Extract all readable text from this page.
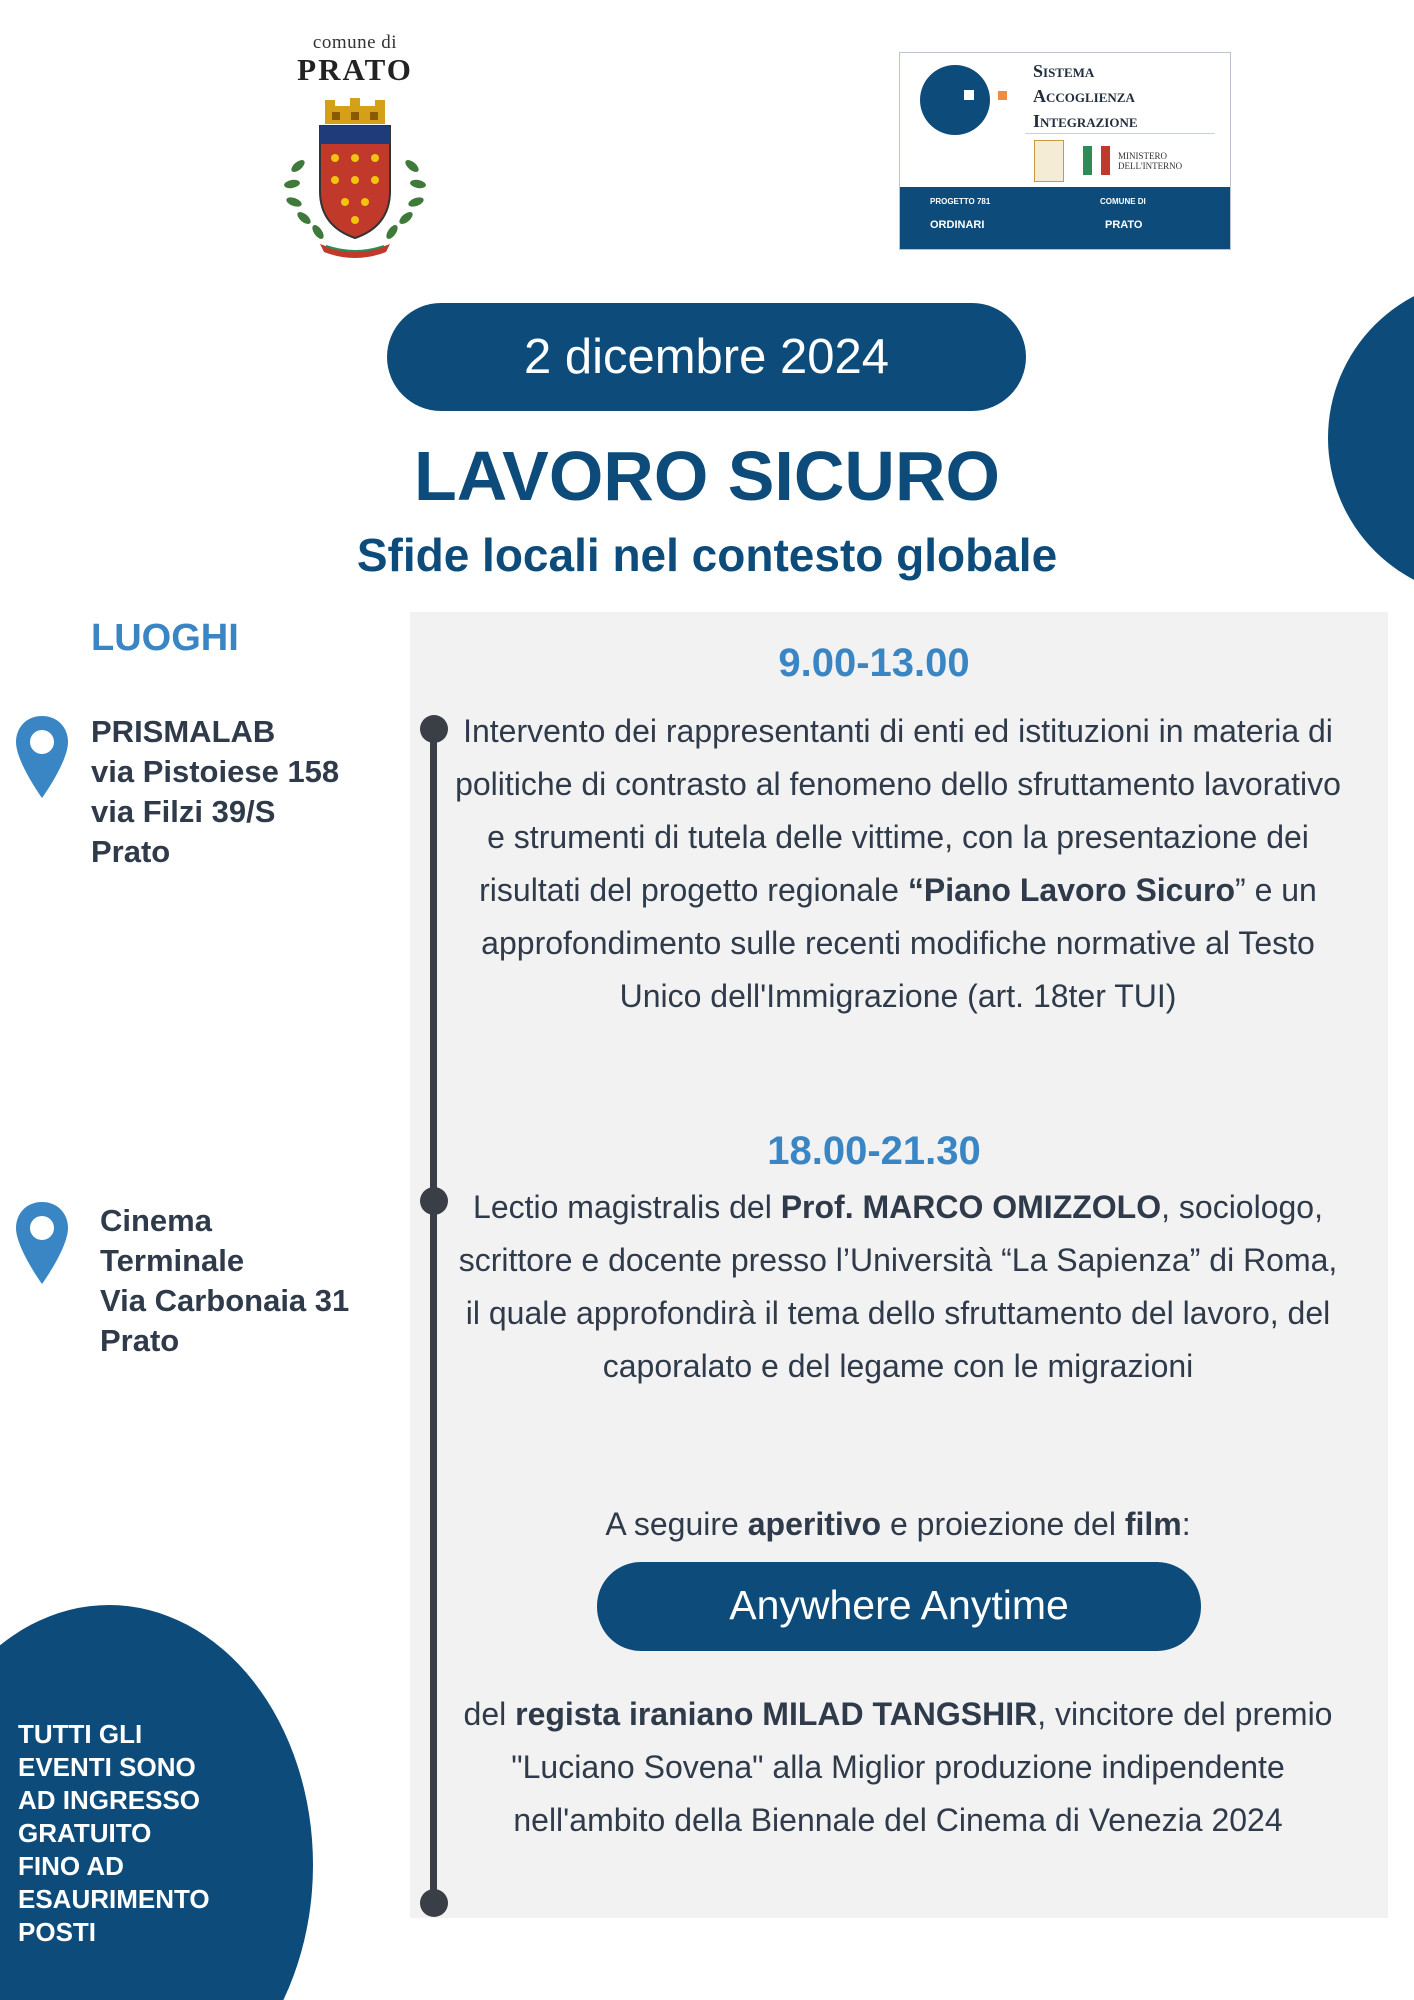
comune di
PRATO	Sistema
Accoglienza
Integrazione
MINISTERO
DELL'INTERNO
PROGETTO 781	COMUNE DI
ORDINARI	PRATO
2 dicembre 2024
LAVORO SICURO
Sfide locali nel contesto globale
LUOGHI
PRISMALAB
via Pistoiese 158
via Filzi 39/S
Prato
Cinema
Terminale
Via Carbonaia 31
Prato
9.00-13.00
Intervento dei rappresentanti di enti ed istituzioni in materia di politiche di contrasto al fenomeno dello sfruttamento lavorativo e strumenti di tutela delle vittime, con la presentazione dei risultati del progetto regionale “Piano Lavoro Sicuro” e un approfondimento sulle recenti modifiche normative al Testo Unico dell'Immigrazione (art. 18ter TUI)
18.00-21.30
Lectio magistralis del Prof. MARCO OMIZZOLO, sociologo, scrittore e docente presso l’Università “La Sapienza” di Roma, il quale approfondirà il tema dello sfruttamento del lavoro, del caporalato e del legame con le migrazioni
A seguire aperitivo e proiezione del film:
Anywhere Anytime
del regista iraniano MILAD TANGSHIR, vincitore del premio "Luciano Sovena" alla Miglior produzione indipendente nell'ambito della Biennale del Cinema di Venezia 2024
TUTTI GLI
EVENTI SONO
AD INGRESSO
GRATUITO
FINO AD
ESAURIMENTO
POSTI
